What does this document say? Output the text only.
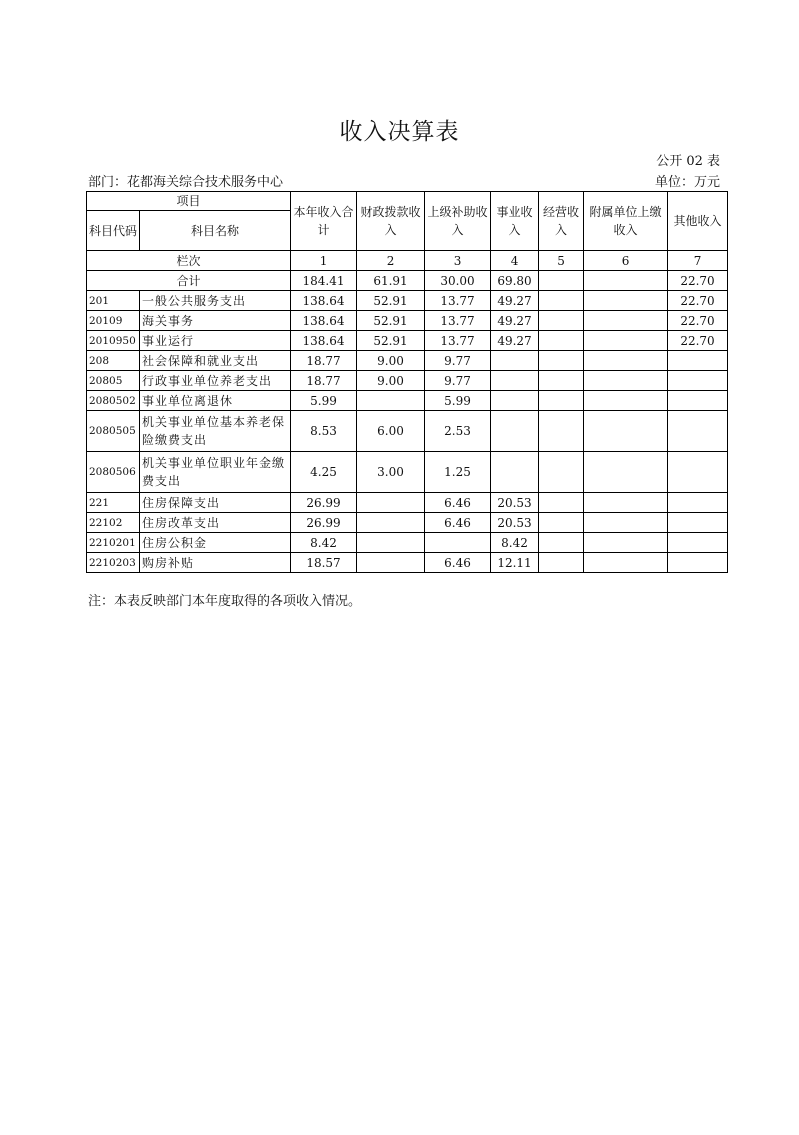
收入决算表
公开 02 表
部门：花都海关综合技术服务中心	单位：万元
项目		本年收入合计	财政拨款收入	上级补助收入	事业收入	经营收入	附属单位上缴收入	其他收入
科目代码	科目名称							
栏次		1	2	3	4	5	6	7
合计		184.41	61.91	30.00	69.80			22.70
201	一般公共服务支出	138.64	52.91	13.77	49.27			22.70
20109	海关事务	138.64	52.91	13.77	49.27			22.70
2010950	事业运行	138.64	52.91	13.77	49.27			22.70
208	社会保障和就业支出	18.77	9.00	9.77				
20805	行政事业单位养老支出	18.77	9.00	9.77				
2080502	事业单位离退休	5.99		5.99				
2080505	机关事业单位基本养老保险缴费支出	8.53	6.00	2.53				
2080506	机关事业单位职业年金缴费支出	4.25	3.00	1.25				
221	住房保障支出	26.99		6.46	20.53			
22102	住房改革支出	26.99		6.46	20.53			
2210201	住房公积金	8.42			8.42			
2210203	购房补贴	18.57		6.46	12.11			
注：本表反映部门本年度取得的各项收入情况。
